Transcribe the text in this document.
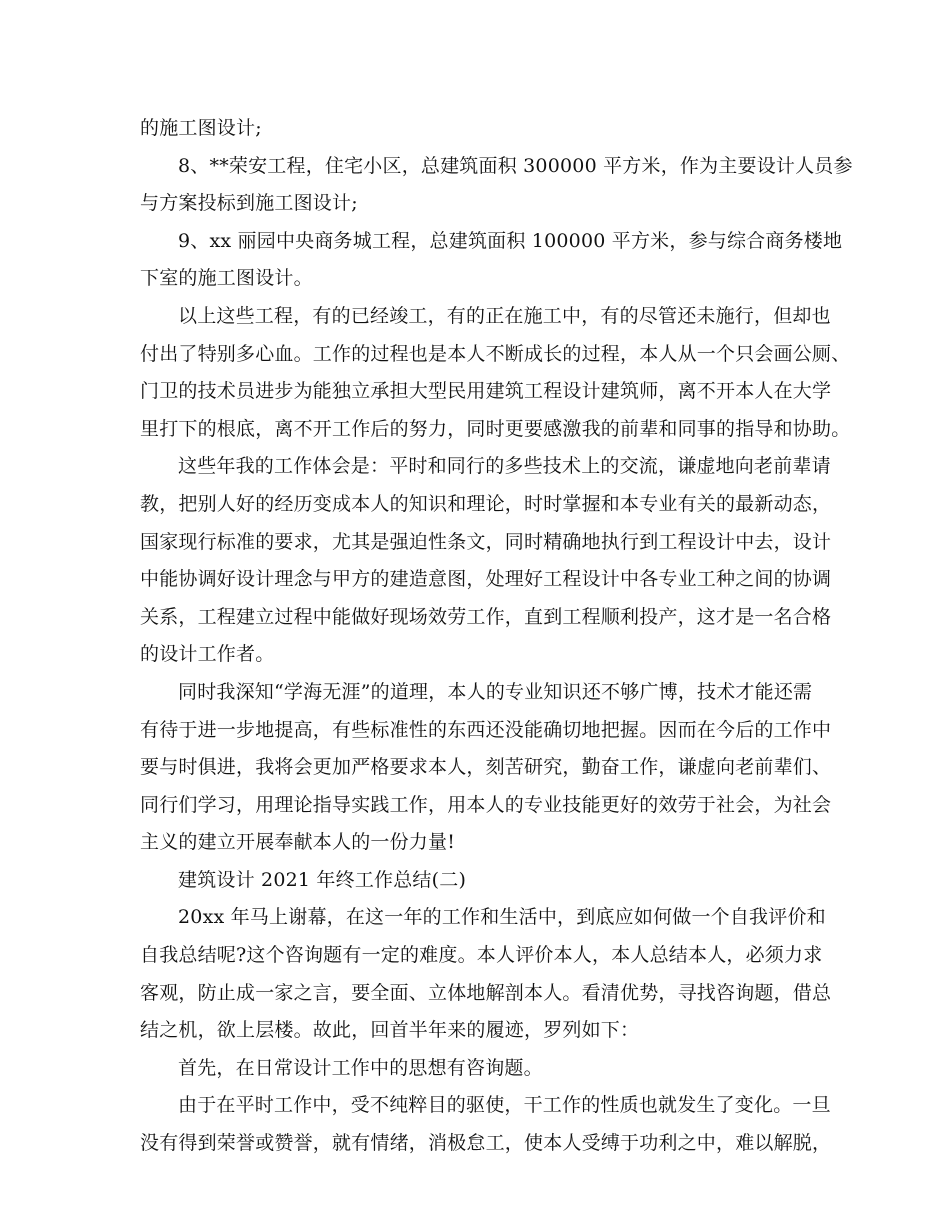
的施工图设计;
8、**荣安工程，住宅小区，总建筑面积 300000 平方米，作为主要设计人员参
与方案投标到施工图设计;
9、xx 丽园中央商务城工程，总建筑面积 100000 平方米，参与综合商务楼地
下室的施工图设计。
以上这些工程，有的已经竣工，有的正在施工中，有的尽管还未施行，但却也
付出了特别多心血。工作的过程也是本人不断成长的过程，本人从一个只会画公厕、
门卫的技术员进步为能独立承担大型民用建筑工程设计建筑师，离不开本人在大学
里打下的根底，离不开工作后的努力，同时更要感激我的前辈和同事的指导和协助。
这些年我的工作体会是：平时和同行的多些技术上的交流，谦虚地向老前辈请
教，把别人好的经历变成本人的知识和理论，时时掌握和本专业有关的最新动态，
国家现行标准的要求，尤其是强迫性条文，同时精确地执行到工程设计中去，设计
中能协调好设计理念与甲方的建造意图，处理好工程设计中各专业工种之间的协调
关系，工程建立过程中能做好现场效劳工作，直到工程顺利投产，这才是一名合格
的设计工作者。
同时我深知“学海无涯”的道理，本人的专业知识还不够广博，技术才能还需
有待于进一步地提高，有些标准性的东西还没能确切地把握。因而在今后的工作中
要与时俱进，我将会更加严格要求本人，刻苦研究，勤奋工作，谦虚向老前辈们、
同行们学习，用理论指导实践工作，用本人的专业技能更好的效劳于社会，为社会
主义的建立开展奉献本人的一份力量!
建筑设计 2021 年终工作总结(二)
20xx 年马上谢幕，在这一年的工作和生活中，到底应如何做一个自我评价和
自我总结呢?这个咨询题有一定的难度。本人评价本人，本人总结本人，必须力求
客观，防止成一家之言，要全面、立体地解剖本人。看清优势，寻找咨询题，借总
结之机，欲上层楼。故此，回首半年来的履迹，罗列如下：
首先，在日常设计工作中的思想有咨询题。
由于在平时工作中，受不纯粹目的驱使，干工作的性质也就发生了变化。一旦
没有得到荣誉或赞誉，就有情绪，消极怠工，使本人受缚于功利之中，难以解脱，
